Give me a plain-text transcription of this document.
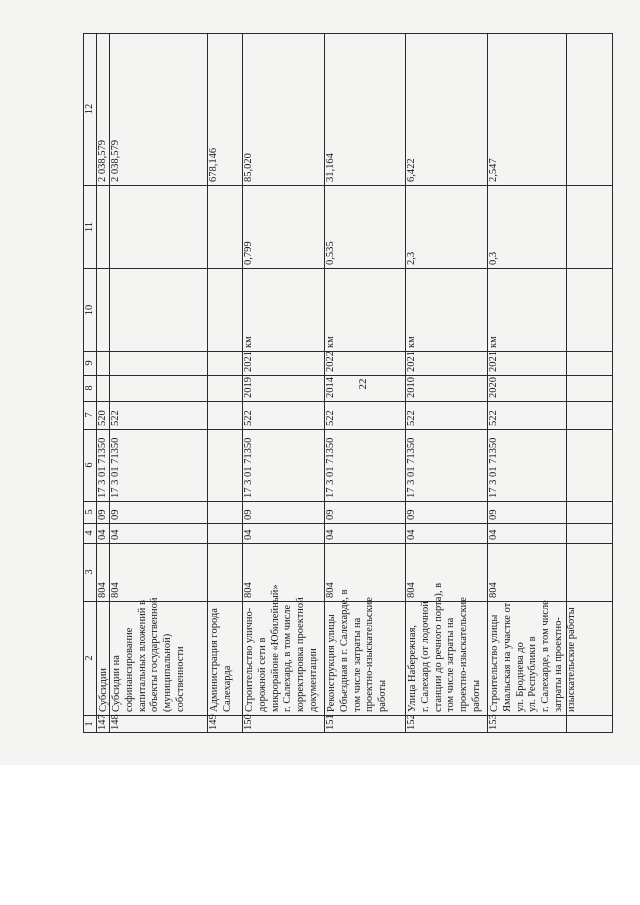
22
1
2
3
4
5
6
7
8
9
10
11
12
147
Субсидии
804
04
09
17 3 01 71350
520
2 038,579
148
Субсидии на софинансирование капитальных вложений в объекты государственной (муниципальной) собственности
804
04
09
17 3 01 71350
522
2 038,579
149
Администрация города Салехарда
678,146
150
Строительство улично- дорожной сети в микрорайоне «Юбилейный» г. Салехард, в том числе корректировка проектной документации
804
04
09
17 3 01 71350
522
2019
2021
км
0,799
85,020
151
Реконструкция улицы Объездная в г. Салехарде, в том числе затраты на проектно-изыскательские работы
804
04
09
17 3 01 71350
522
2014
2022
км
0,535
31,164
152
Улица Набережная, г. Салехард (от лодочной станции до речного порта), в том числе затраты на проектно-изыскательские работы
804
04
09
17 3 01 71350
522
2010
2021
км
2,3
6,422
153
Строительство улицы Ямальская на участке от ул. Броднева до ул. Республики в г. Салехарде, в том числе затраты на проектно- изыскательские работы
804
04
09
17 3 01 71350
522
2020
2021
км
0,3
2,547
